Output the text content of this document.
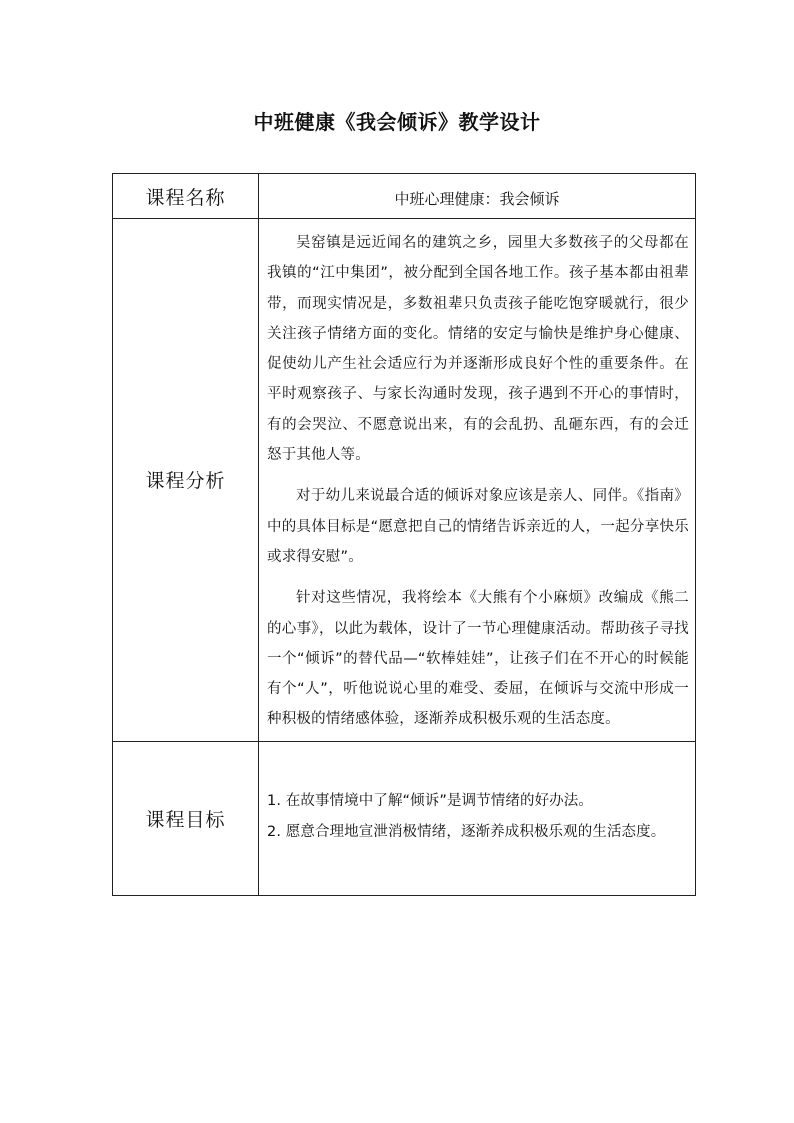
中班健康《我会倾诉》教学设计
课程名称	中班心理健康：我会倾诉
课程分析	吴窑镇是远近闻名的建筑之乡，园里大多数孩子的父母都在我镇的“江中集团”，被分配到全国各地工作。孩子基本都由祖辈带，而现实情况是，多数祖辈只负责孩子能吃饱穿暖就行，很少关注孩子情绪方面的变化。情绪的安定与愉快是维护身心健康、促使幼儿产生社会适应行为并逐渐形成良好个性的重要条件。在平时观察孩子、与家长沟通时发现，孩子遇到不开心的事情时，有的会哭泣、不愿意说出来，有的会乱扔、乱砸东西，有的会迁怒于其他人等。

对于幼儿来说最合适的倾诉对象应该是亲人、同伴。《指南》中的具体目标是“愿意把自己的情绪告诉亲近的人，一起分享快乐或求得安慰”。

针对这些情况，我将绘本《大熊有个小麻烦》改编成《熊二的心事》，以此为载体，设计了一节心理健康活动。帮助孩子寻找一个“倾诉”的替代品—“软棒娃娃”，让孩子们在不开心的时候能有个“人”，听他说说心里的难受、委屈，在倾诉与交流中形成一种积极的情绪感体验，逐渐养成积极乐观的生活态度。

课程目标	1. 在故事情境中了解“倾诉”是调节情绪的好办法。
2. 愿意合理地宣泄消极情绪，逐渐养成积极乐观的生活态度。
